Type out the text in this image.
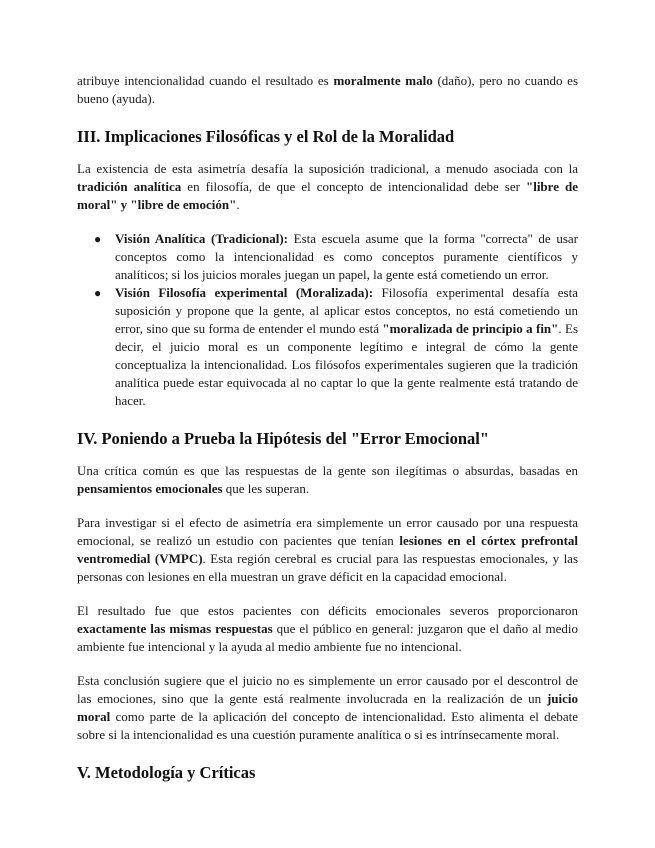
atribuye intencionalidad cuando el resultado es moralmente malo (daño), pero no cuando es bueno (ayuda).

III. Implicaciones Filosóficas y el Rol de la Moralidad

La existencia de esta asimetría desafía la suposición tradicional, a menudo asociada con la tradición analítica en filosofía, de que el concepto de intencionalidad debe ser "libre de moral" y "libre de emoción".

● Visión Analítica (Tradicional): Esta escuela asume que la forma "correcta" de usar conceptos como la intencionalidad es como conceptos puramente científicos y analíticos; si los juicios morales juegan un papel, la gente está cometiendo un error.
● Visión Filosofía experimental (Moralizada): Filosofía experimental desafía esta suposición y propone que la gente, al aplicar estos conceptos, no está cometiendo un error, sino que su forma de entender el mundo está "moralizada de principio a fin". Es decir, el juicio moral es un componente legítimo e integral de cómo la gente conceptualiza la intencionalidad. Los filósofos experimentales sugieren que la tradición analítica puede estar equivocada al no captar lo que la gente realmente está tratando de hacer.
IV. Poniendo a Prueba la Hipótesis del "Error Emocional"

Una crítica común es que las respuestas de la gente son ilegítimas o absurdas, basadas en pensamientos emocionales que les superan.

Para investigar si el efecto de asimetría era simplemente un error causado por una respuesta emocional, se realizó un estudio con pacientes que tenían lesiones en el córtex prefrontal ventromedial (VMPC). Esta región cerebral es crucial para las respuestas emocionales, y las personas con lesiones en ella muestran un grave déficit en la capacidad emocional.

El resultado fue que estos pacientes con déficits emocionales severos proporcionaron exactamente las mismas respuestas que el público en general: juzgaron que el daño al medio ambiente fue intencional y la ayuda al medio ambiente fue no intencional.

Esta conclusión sugiere que el juicio no es simplemente un error causado por el descontrol de las emociones, sino que la gente está realmente involucrada en la realización de un juicio moral como parte de la aplicación del concepto de intencionalidad. Esto alimenta el debate sobre si la intencionalidad es una cuestión puramente analítica o si es intrínsecamente moral.

V. Metodología y Críticas
